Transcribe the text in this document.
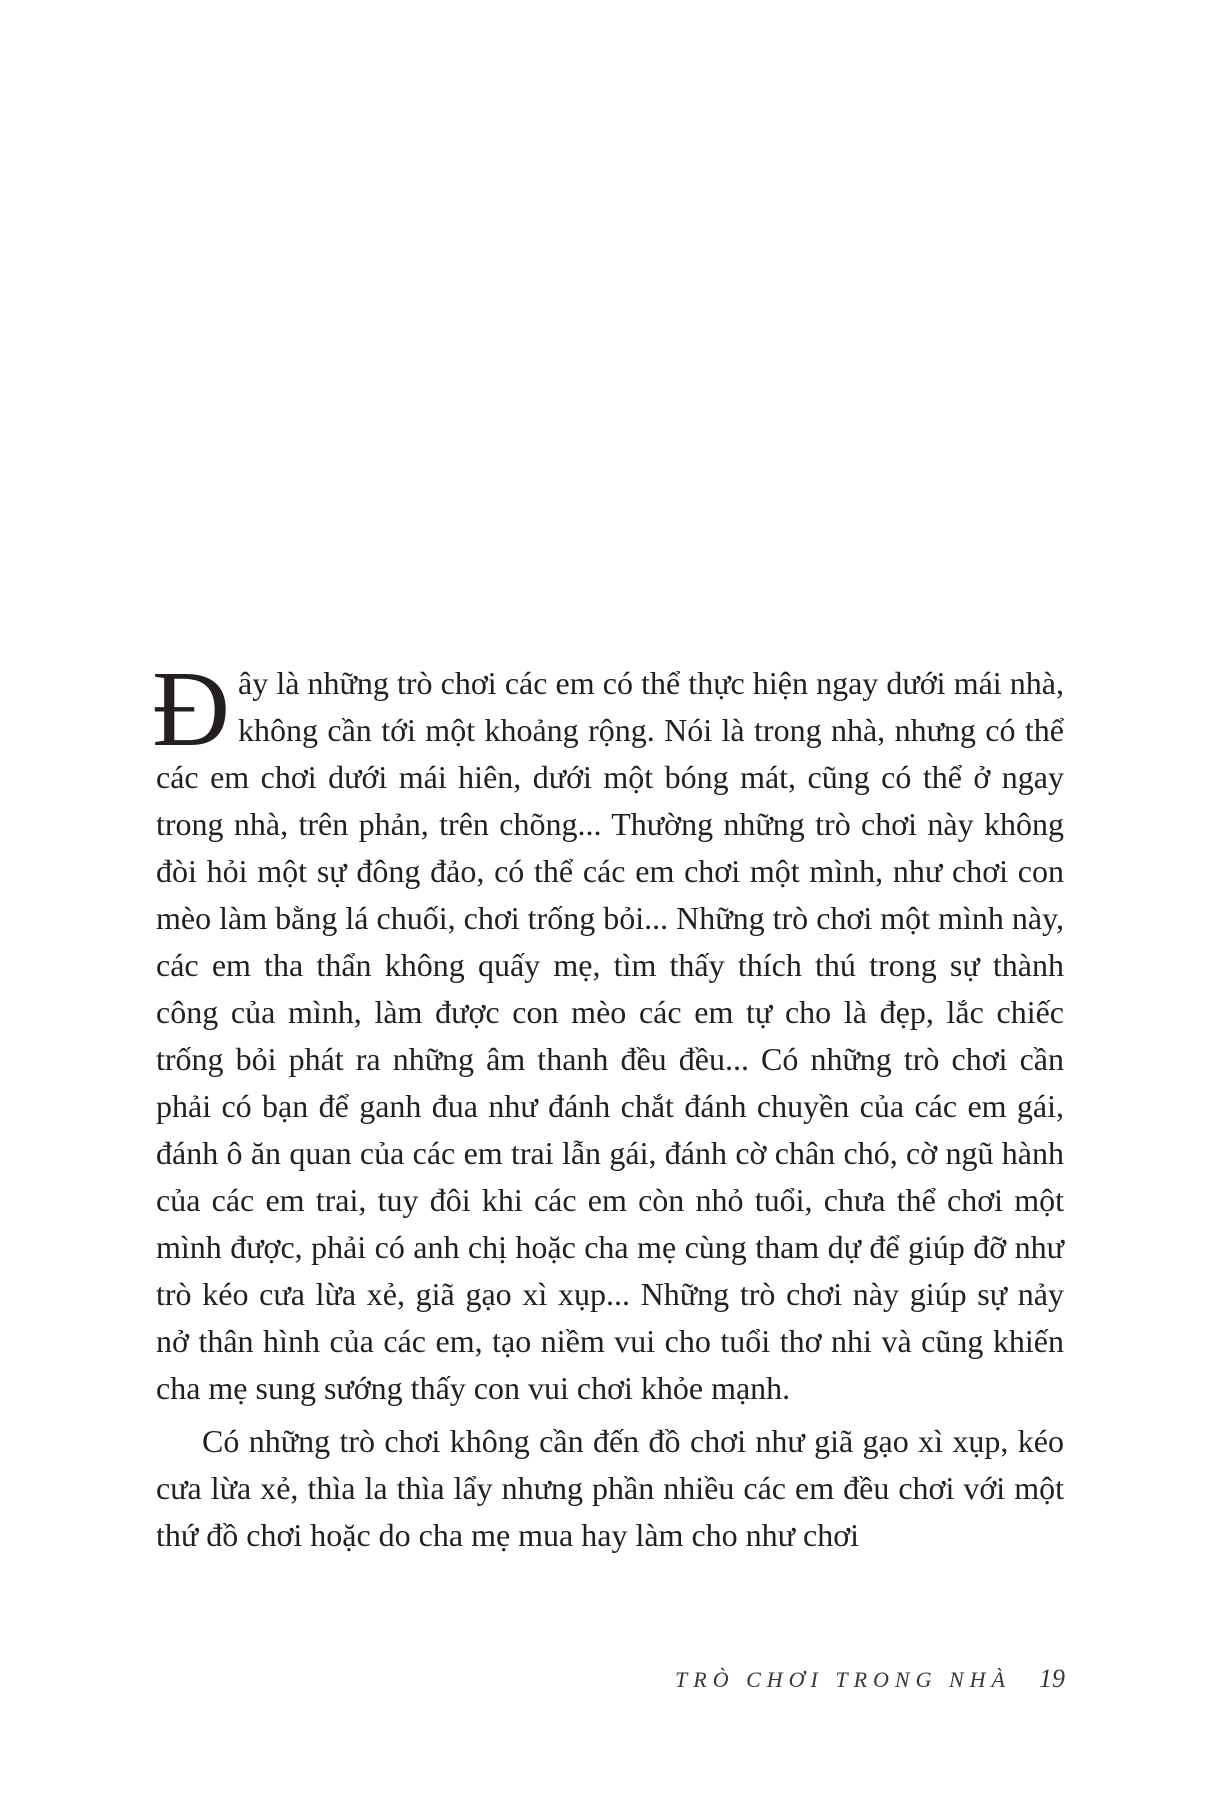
Đây là những trò chơi các em có thể thực hiện ngay dưới mái nhà, không cần tới một khoảng rộng. Nói là trong nhà, nhưng có thể các em chơi dưới mái hiên, dưới một bóng mát, cũng có thể ở ngay trong nhà, trên phản, trên chõng... Thường những trò chơi này không đòi hỏi một sự đông đảo, có thể các em chơi một mình, như chơi con mèo làm bằng lá chuối, chơi trống bỏi... Những trò chơi một mình này, các em tha thẩn không quấy mẹ, tìm thấy thích thú trong sự thành công của mình, làm được con mèo các em tự cho là đẹp, lắc chiếc trống bỏi phát ra những âm thanh đều đều... Có những trò chơi cần phải có bạn để ganh đua như đánh chắt đánh chuyền của các em gái, đánh ô ăn quan của các em trai lẫn gái, đánh cờ chân chó, cờ ngũ hành của các em trai, tuy đôi khi các em còn nhỏ tuổi, chưa thể chơi một mình được, phải có anh chị hoặc cha mẹ cùng tham dự để giúp đỡ như trò kéo cưa lừa xẻ, giã gạo xì xụp... Những trò chơi này giúp sự nảy nở thân hình của các em, tạo niềm vui cho tuổi thơ nhi và cũng khiến cha mẹ sung sướng thấy con vui chơi khỏe mạnh.

Có những trò chơi không cần đến đồ chơi như giã gạo xì xụp, kéo cưa lừa xẻ, thìa la thìa lẩy nhưng phần nhiều các em đều chơi với một thứ đồ chơi hoặc do cha mẹ mua hay làm cho như chơi

TRÒ CHƠI TRONG NHÀ 19
